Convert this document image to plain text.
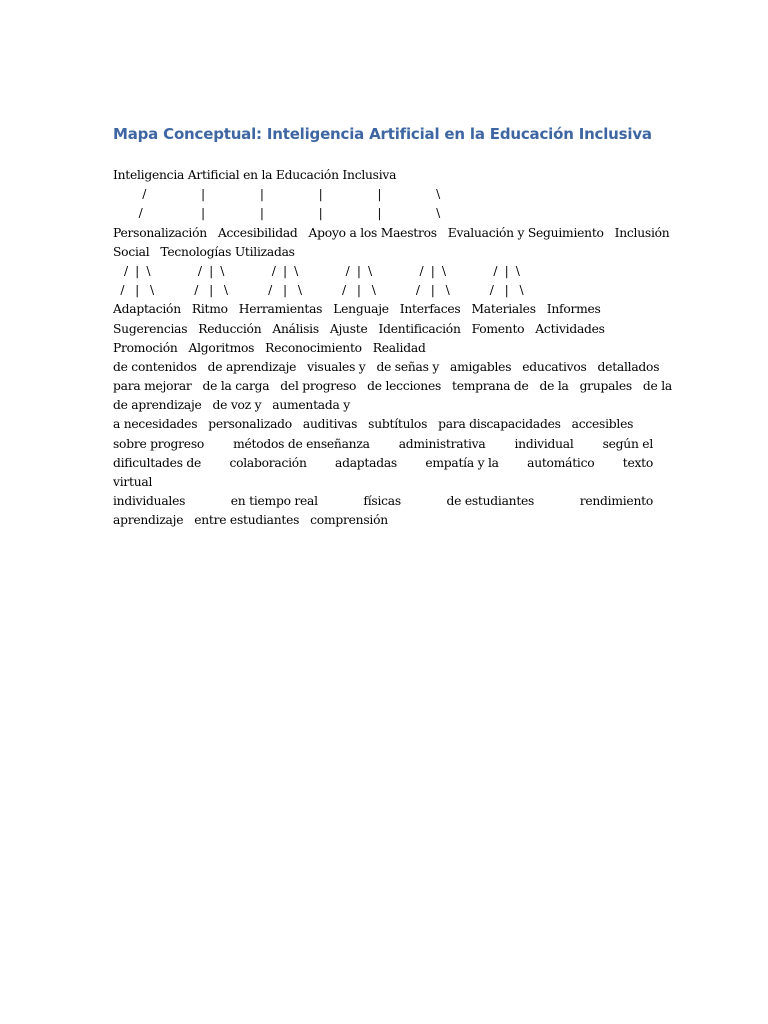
Mapa Conceptual: Inteligencia Artificial en la Educación Inclusiva
Inteligencia Artificial en la Educación Inclusiva
/               |               |               |               |               \
/                |               |               |               |               \
Personalización   Accesibilidad   Apoyo a los Maestros   Evaluación y Seguimiento   Inclusión
Social   Tecnologías Utilizadas
/  |  \             /  |  \             /  |  \             /  |  \             /  |  \             /  |  \
/   |   \           /   |   \           /   |   \           /   |   \           /   |   \           /   |   \
Adaptación   Ritmo   Herramientas   Lenguaje   Interfaces   Materiales   Informes
Sugerencias   Reducción   Análisis   Ajuste   Identificación   Fomento   Actividades
Promoción   Algoritmos   Reconocimiento   Realidad
de contenidos   de aprendizaje   visuales y   de señas y   amigables   educativos   detallados
para mejorar   de la carga   del progreso   de lecciones   temprana de   de la   grupales   de la
de aprendizaje   de voz y   aumentada y
a necesidades   personalizado   auditivas   subtítulos   para discapacidades   accesibles
sobre progreso métodos de enseñanza administrativa individual según el
dificultades de colaboración adaptadas empatía y la automático texto
virtual
individuales	en tiempo real	físicas	de estudiantes	rendimiento
aprendizaje   entre estudiantes   comprensión
